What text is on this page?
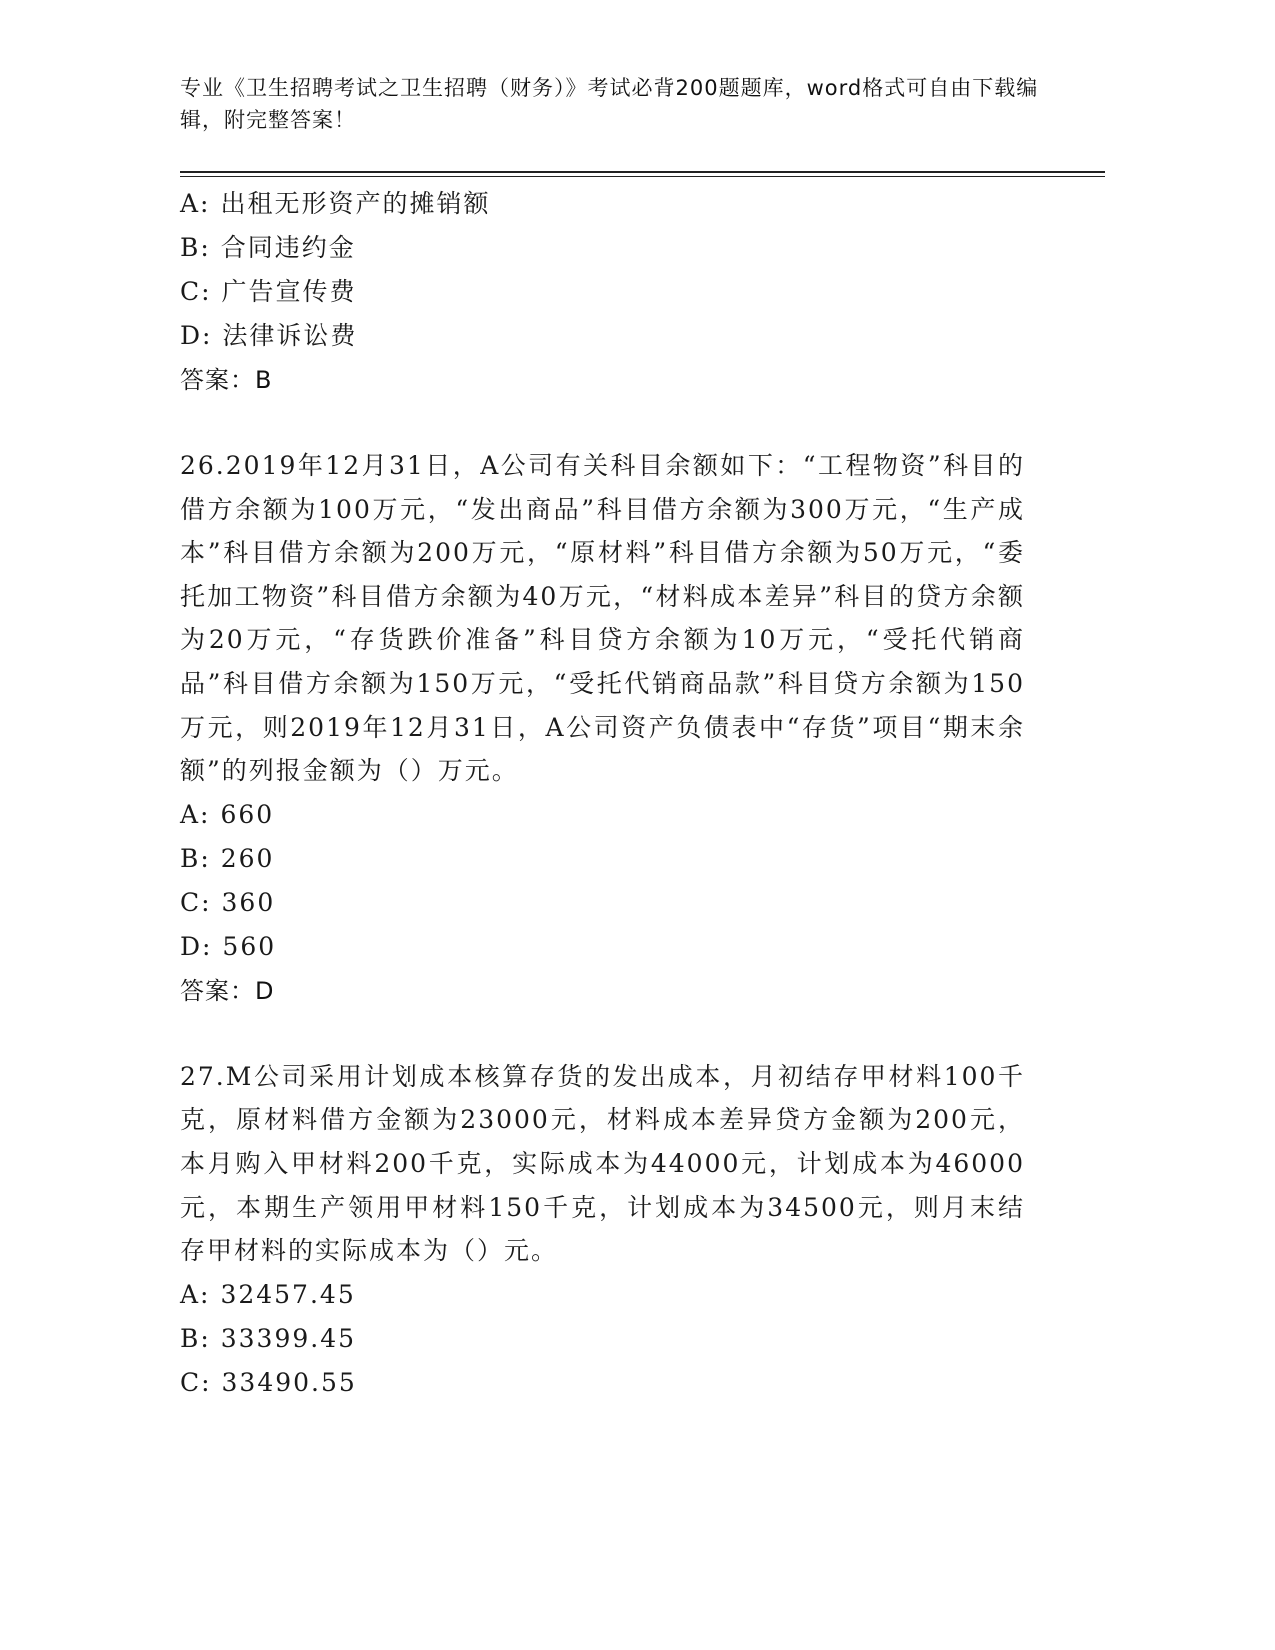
专业《卫生招聘考试之卫生招聘（财务）》考试必背200题题库，word格式可自由下载编辑，附完整答案！
A: 出租无形资产的摊销额
B: 合同违约金
C: 广告宣传费
D: 法律诉讼费
答案：B
26.2019年12月31日，A公司有关科目余额如下：“工程物资”科目的借方余额为100万元，“发出商品”科目借方余额为300万元，“生产成本”科目借方余额为200万元，“原材料”科目借方余额为50万元，“委托加工物资”科目借方余额为40万元，“材料成本差异”科目的贷方余额为20万元，“存货跌价准备”科目贷方余额为10万元，“受托代销商品”科目借方余额为150万元，“受托代销商品款”科目贷方余额为150万元，则2019年12月31日，A公司资产负债表中“存货”项目“期末余额”的列报金额为（）万元。
A: 660
B: 260
C: 360
D: 560
答案：D
27.M公司采用计划成本核算存货的发出成本，月初结存甲材料100千克，原材料借方金额为23000元，材料成本差异贷方金额为200元，本月购入甲材料200千克，实际成本为44000元，计划成本为46000元，本期生产领用甲材料150千克，计划成本为34500元，则月末结存甲材料的实际成本为（）元。
A: 32457.45
B: 33399.45
C: 33490.55
